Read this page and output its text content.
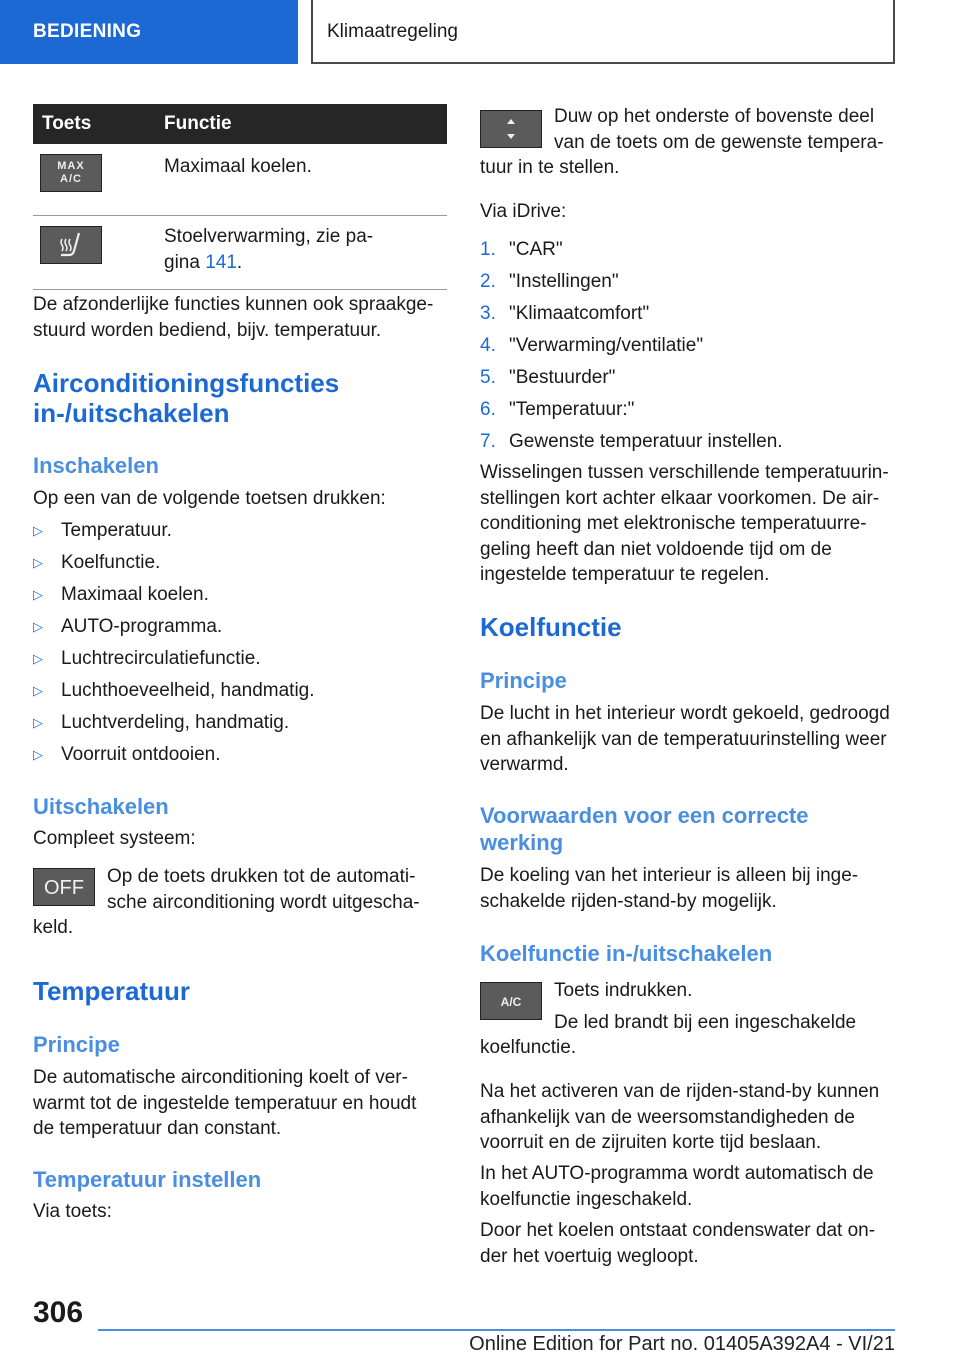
BEDIENING	Klimaatregeling
Toets	Functie
MAX
A/C	Maximaal koelen.

Stoelverwarming, zie pa-gina 141.

De afzonderlijke functies kunnen ook spraakge-stuurd worden bediend, bijv. temperatuur.

Airconditioningsfuncties in-/uitschakelen
Inschakelen

Op een van de volgende toetsen drukken:

▷ Temperatuur.
▷ Koelfunctie.
▷ Maximaal koelen.
▷ AUTO-programma.
▷ Luchtrecirculatiefunctie.
▷ Luchthoeveelheid, handmatig.
▷ Luchtverdeling, handmatig.
▷ Voorruit ontdooien.
Uitschakelen

Compleet systeem:

OFF

Op de toets drukken tot de automati-sche airconditioning wordt uitgescha-keld.

Temperatuur
Principe

De automatische airconditioning koelt of ver-warmt tot de ingestelde temperatuur en houdt de temperatuur dan constant.

Temperatuur instellen

Via toets:

Duw op het onderste of bovenste deel van de toets om de gewenste tempera-tuur in te stellen.

Via iDrive:

1. "CAR"
2. "Instellingen"
3. "Klimaatcomfort"
4. "Verwarming/ventilatie"
5. "Bestuurder"
6. "Temperatuur:"
7. Gewenste temperatuur instellen.

Wisselingen tussen verschillende temperatuurin-stellingen kort achter elkaar voorkomen. De air-conditioning met elektronische temperatuurre-geling heeft dan niet voldoende tijd om de ingestelde temperatuur te regelen.

Koelfunctie
Principe

De lucht in het interieur wordt gekoeld, gedroogd en afhankelijk van de temperatuurinstelling weer verwarmd.

Voorwaarden voor een correcte werking

De koeling van het interieur is alleen bij inge-schakelde rijden-stand-by mogelijk.

Koelfunctie in-/uitschakelen
A/C

Toets indrukken.

De led brandt bij een ingeschakelde koelfunctie.

Na het activeren van de rijden-stand-by kunnen afhankelijk van de weersomstandigheden de voorruit en de zijruiten korte tijd beslaan.

In het AUTO-programma wordt automatisch de koelfunctie ingeschakeld.

Door het koelen ontstaat condenswater dat on-der het voertuig wegloopt.

306
Online Edition for Part no. 01405A392A4 - VI/21
